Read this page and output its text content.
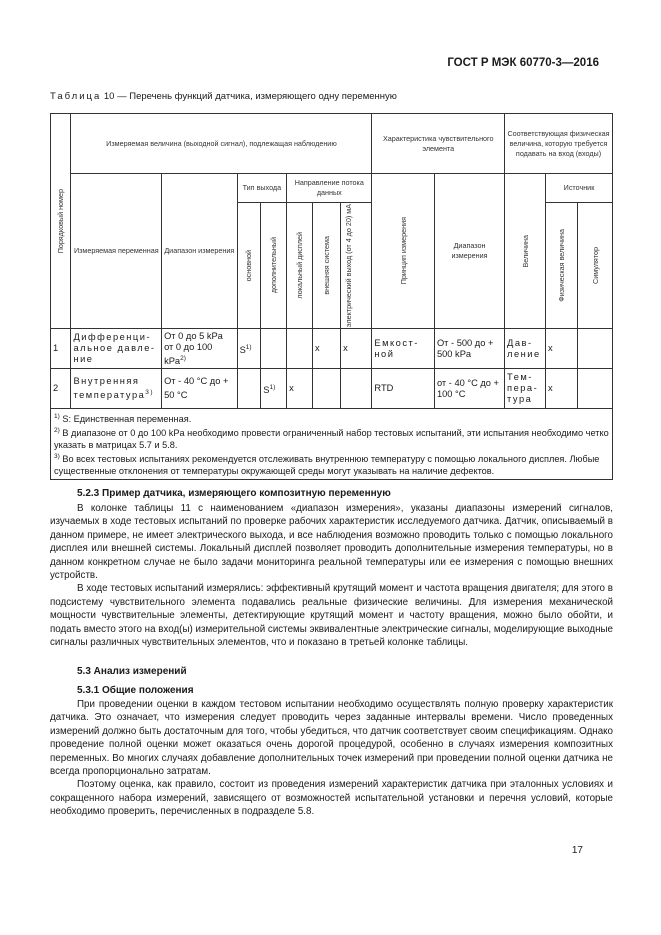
ГОСТ Р МЭК 60770-3—2016
Таблица 10 — Перечень функций датчика, измеряющего одну переменную
Порядковый номер	Измеряемая величина (выходной сигнал), подлежащая наблюдению							Характеристика чувствительного элемента		Соответствующая физическая величина, которую требуется подавать на вход (входы)		
	Измеряемая переменная	Диапазон измерения	Тип выхода		Направление потока данных			Принцип измерения	Диапазон измерения	Величина	Источник	

			основной	дополнительный	локальный дисплей	внешняя система	электрический выход (от 4 до 20) мА				Физическая величина	Симулятор

1	Дифференциальное давление	От 0 до 5 kPa от 0 до 100 kPa$^{2)}$	$S^{1)}$			x	x	Емкостной	От - 500 до + 500 kPa	Давление	x	
2	Внутренняя температура$^{3)}$	От - 40 °С до + 50 °С		$S^{1)}$	x			RTD	от - 40 °С до + 100 °С	Температура	x	

$^{1)}$ S: Единственная переменная.

$^{2)}$ В диапазоне от 0 до 100 kPa необходимо провести ограниченный набор тестовых испытаний, эти испытания необходимо четко указать в матрицах 5.7 и 5.8.

$^{3)}$ Во всех тестовых испытаниях рекомендуется отслеживать внутреннюю температуру с помощью локального дисплея. Любые существенные отклонения от температуры окружающей среды могут указывать на наличие дефектов.												

5.2.3 Пример датчика, измеряющего композитную переменную

В колонке таблицы 11 с наименованием «диапазон измерения», указаны диапазоны измерений сигналов, изучаемых в ходе тестовых испытаний по проверке рабочих характеристик исследуемого датчика. Датчик, описываемый в данном примере, не имеет электрического выхода, и все наблюдения возможно проводить только с помощью локального дисплея или внешней системы. Локальный дисплей позволяет проводить дополнительные измерения температуры, но в данном конкретном случае не было задачи мониторинга реальной температуры или ее измерения с помощью внешних устройств.

В ходе тестовых испытаний измерялись: эффективный крутящий момент и частота вращения двигателя; для этого в подсистему чувствительного элемента подавались реальные физические величины. Для измерения механической мощности чувствительные элементы, детектирующие крутящий момент и частоту вращения, можно было обойти, и подать вместо этого на вход(ы) измерительной системы эквивалентные электрические сигналы, моделирующие выходные сигналы различных чувствительных элементов, что и показано в третьей колонке таблицы.

5.3 Анализ измерений
5.3.1 Общие положения

При проведении оценки в каждом тестовом испытании необходимо осуществлять полную проверку характеристик датчика. Это означает, что измерения следует проводить через заданные интервалы времени. Число проведенных измерений должно быть достаточным для того, чтобы убедиться, что датчик соответствует своим спецификациям. Однако проведение полной оценки может оказаться очень дорогой процедурой, особенно в случаях измерения композитных переменных. Во многих случаях добавление дополнительных точек измерений при проведении полной оценки датчика не всегда пропорционально затратам.

Поэтому оценка, как правило, состоит из проведения измерений характеристик датчика при эталонных условиях и сокращенного набора измерений, зависящего от возможностей испытательной установки и перечня условий, которые необходимо проверить, перечисленных в подразделе 5.8.

17
